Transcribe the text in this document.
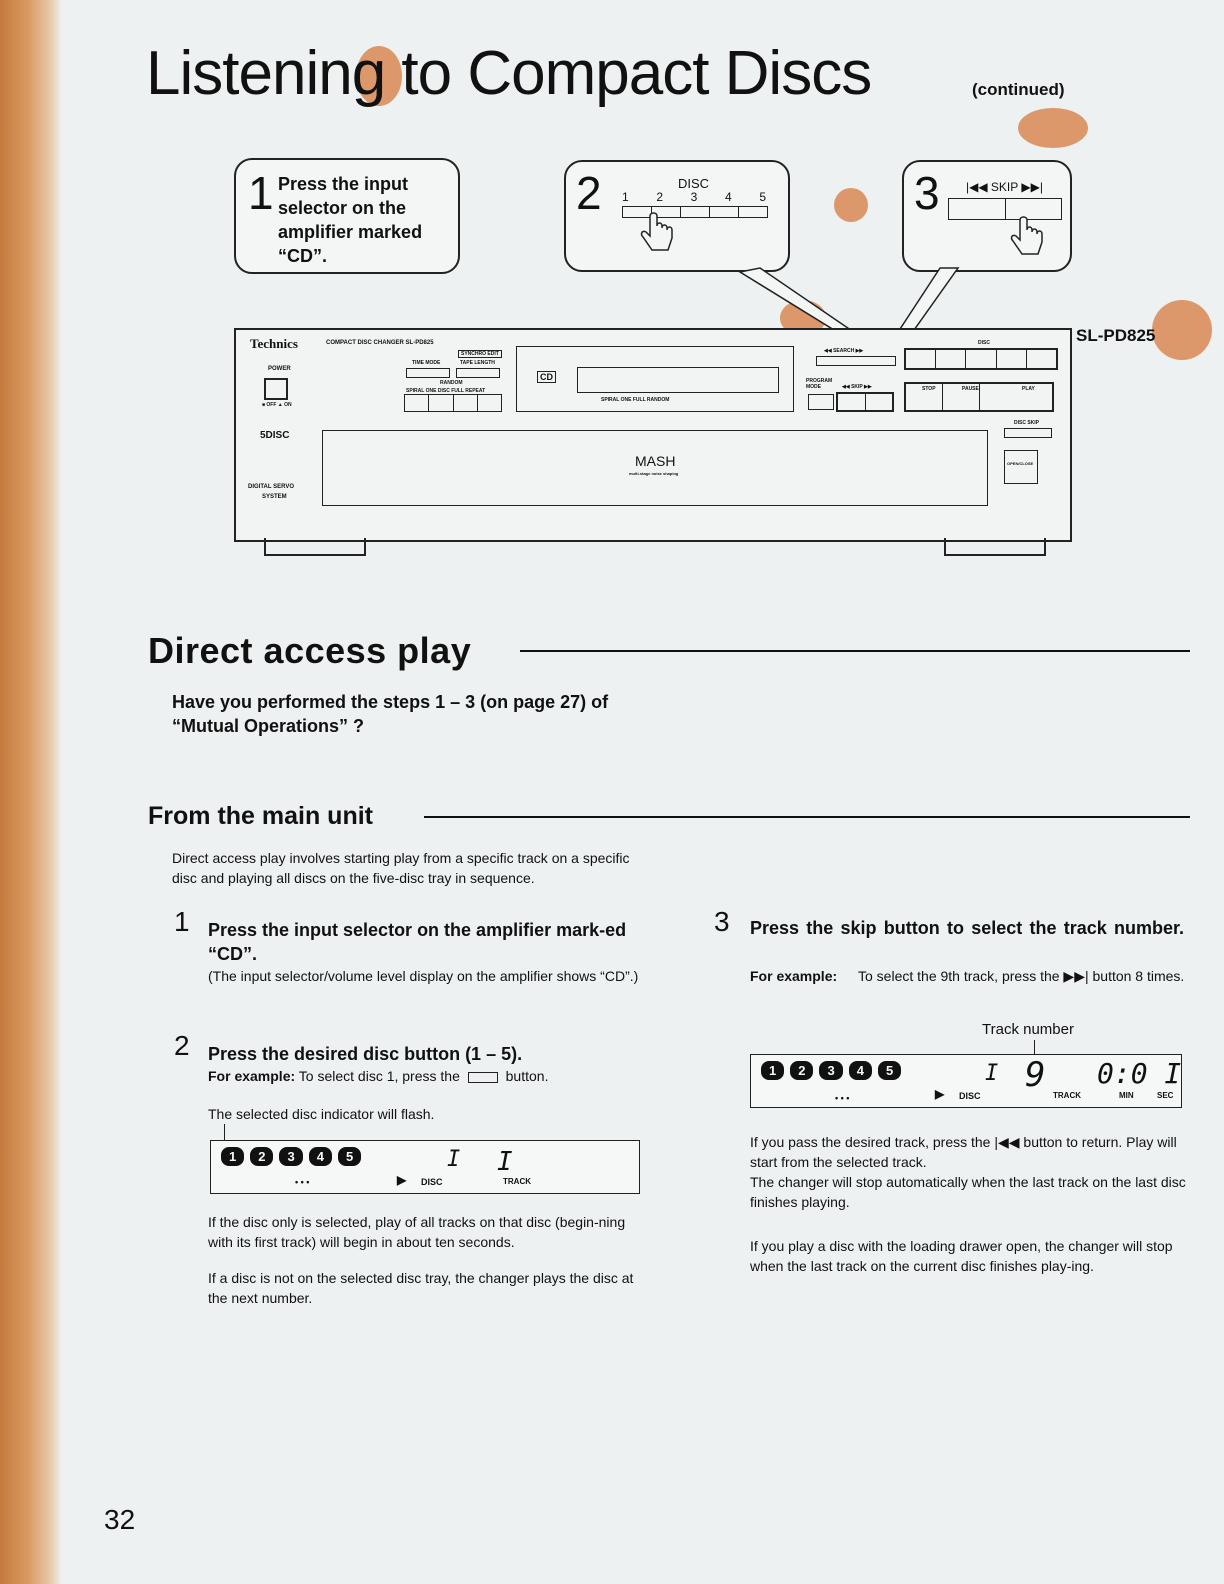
Listening to Compact Discs	(continued)
1 Press the input selector on the amplifier marked “CD”.
2	DISC
1 2 3 4 5	3 |◀◀ SKIP ▶▶|
Technics	COMPACT DISC CHANGER SL-PD825
POWER
■ OFF ▲ ON
5DISC
DIGITAL SERVO
SYSTEM
TIME MODE
SYNCHRO EDIT
TAPE LENGTH
RANDOM
SPIRAL ONE DISC FULL REPEAT
CD
SPIRAL ONE FULL RANDOM
◀◀ SEARCH ▶▶
PROGRAM MODE	◀◀ SKIP ▶▶
DISC
STOP	PAUSE	PLAY
MASH
multi-stage noise shaping
DISC SKIP
OPEN/CLOSE
SL-PD825
Direct access play
Have you performed the steps 1 – 3 (on page 27) of “Mutual Operations” ?
From the main unit
Direct access play involves starting play from a specific track on a specific disc and playing all discs on the five-disc tray in sequence.
1 Press the input selector on the amplifier mark-ed “CD”.
(The input selector/volume level display on the amplifier shows “CD”.)
2 Press the desired disc button (1 – 5).
For example: To select disc 1, press the	button.
The selected disc indicator will flash.
1	2	3	4	5	I I
• • •	▶ DISC	TRACK
If the disc only is selected, play of all tracks on that disc (begin-ning with its first track) will begin in about ten seconds.
If a disc is not on the selected disc tray, the changer plays the disc at the next number.
3 Press the skip button to select the track number.
For example:	To select the 9th track, press the ▶▶| button 8 times.
Track number
1	2	3	4	5	I 9 0:0 I
• • •	▶ DISC	TRACK	MIN	SEC
If you pass the desired track, press the |◀◀ button to return. Play will start from the selected track.
The changer will stop automatically when the last track on the last disc finishes playing.
If you play a disc with the loading drawer open, the changer will stop when the last track on the current disc finishes play-ing.
32
